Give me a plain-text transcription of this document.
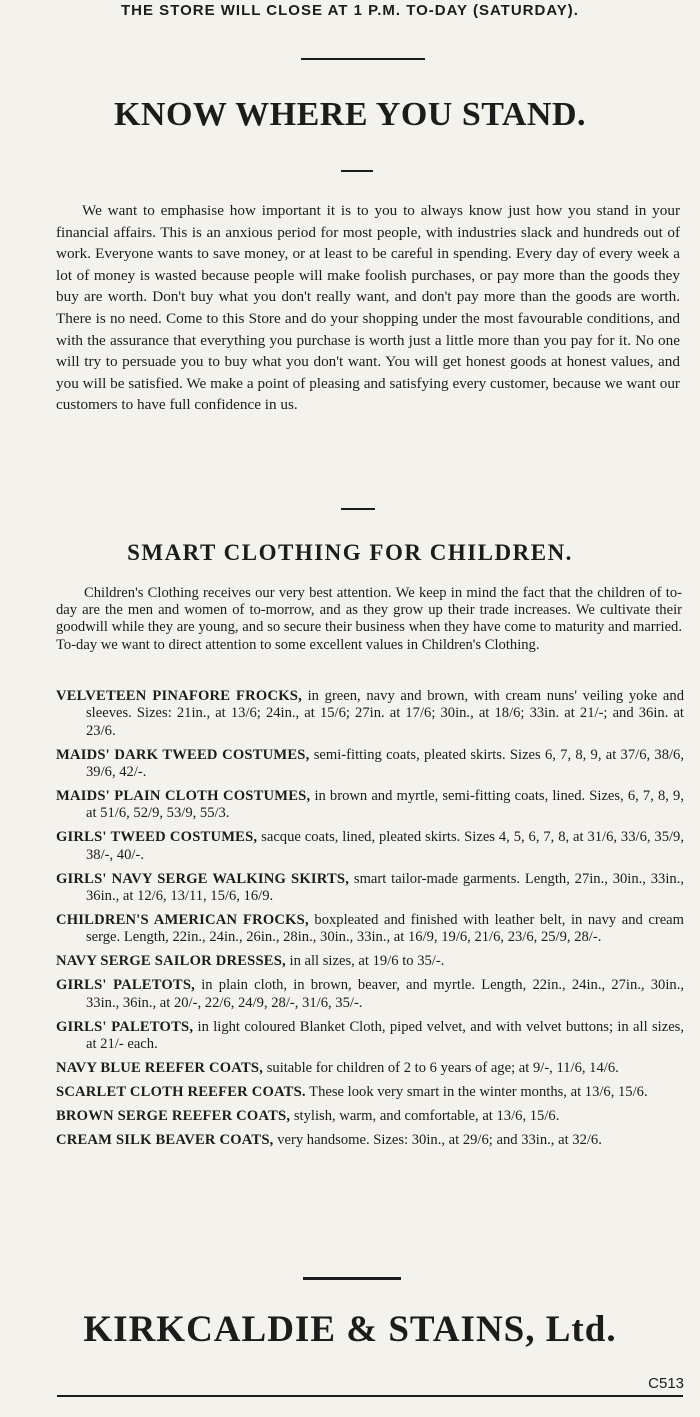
THE STORE WILL CLOSE AT 1 P.M. TO-DAY (SATURDAY).
KNOW WHERE YOU STAND.
We want to emphasise how important it is to you to always know just how you stand in your financial affairs. This is an anxious period for most people, with industries slack and hundreds out of work. Everyone wants to save money, or at least to be careful in spending. Every day of every week a lot of money is wasted because people will make foolish purchases, or pay more than the goods they buy are worth. Don't buy what you don't really want, and don't pay more than the goods are worth. There is no need. Come to this Store and do your shopping under the most favourable conditions, and with the assurance that everything you purchase is worth just a little more than you pay for it. No one will try to persuade you to buy what you don't want. You will get honest goods at honest values, and you will be satisfied. We make a point of pleasing and satisfying every customer, because we want our customers to have full confidence in us.
SMART CLOTHING FOR CHILDREN.
Children's Clothing receives our very best attention. We keep in mind the fact that the children of to-day are the men and women of to-morrow, and as they grow up their trade increases. We cultivate their goodwill while they are young, and so secure their business when they have come to maturity and married. To-day we want to direct attention to some excellent values in Children's Clothing.
VELVETEEN PINAFORE FROCKS, in green, navy and brown, with cream nuns' veiling yoke and sleeves. Sizes: 21in., at 13/6; 24in., at 15/6; 27in. at 17/6; 30in., at 18/6; 33in. at 21/-; and 36in. at 23/6.
MAIDS' DARK TWEED COSTUMES, semi-fitting coats, pleated skirts. Sizes 6, 7, 8, 9, at 37/6, 38/6, 39/6, 42/-.
MAIDS' PLAIN CLOTH COSTUMES, in brown and myrtle, semi-fitting coats, lined. Sizes, 6, 7, 8, 9, at 51/6, 52/9, 53/9, 55/3.
GIRLS' TWEED COSTUMES, sacque coats, lined, pleated skirts. Sizes 4, 5, 6, 7, 8, at 31/6, 33/6, 35/9, 38/-, 40/-.
GIRLS' NAVY SERGE WALKING SKIRTS, smart tailor-made garments. Length, 27in., 30in., 33in., 36in., at 12/6, 13/11, 15/6, 16/9.
CHILDREN'S AMERICAN FROCKS, boxpleated and finished with leather belt, in navy and cream serge. Length, 22in., 24in., 26in., 28in., 30in., 33in., at 16/9, 19/6, 21/6, 23/6, 25/9, 28/-.
NAVY SERGE SAILOR DRESSES, in all sizes, at 19/6 to 35/-.
GIRLS' PALETOTS, in plain cloth, in brown, beaver, and myrtle. Length, 22in., 24in., 27in., 30in., 33in., 36in., at 20/-, 22/6, 24/9, 28/-, 31/6, 35/-.
GIRLS' PALETOTS, in light coloured Blanket Cloth, piped velvet, and with velvet buttons; in all sizes, at 21/- each.
NAVY BLUE REEFER COATS, suitable for children of 2 to 6 years of age; at 9/-, 11/6, 14/6.
SCARLET CLOTH REEFER COATS. These look very smart in the winter months, at 13/6, 15/6.
BROWN SERGE REEFER COATS, stylish, warm, and comfortable, at 13/6, 15/6.
CREAM SILK BEAVER COATS, very handsome. Sizes: 30in., at 29/6; and 33in., at 32/6.
KIRKCALDIE & STAINS, Ltd.
C513
